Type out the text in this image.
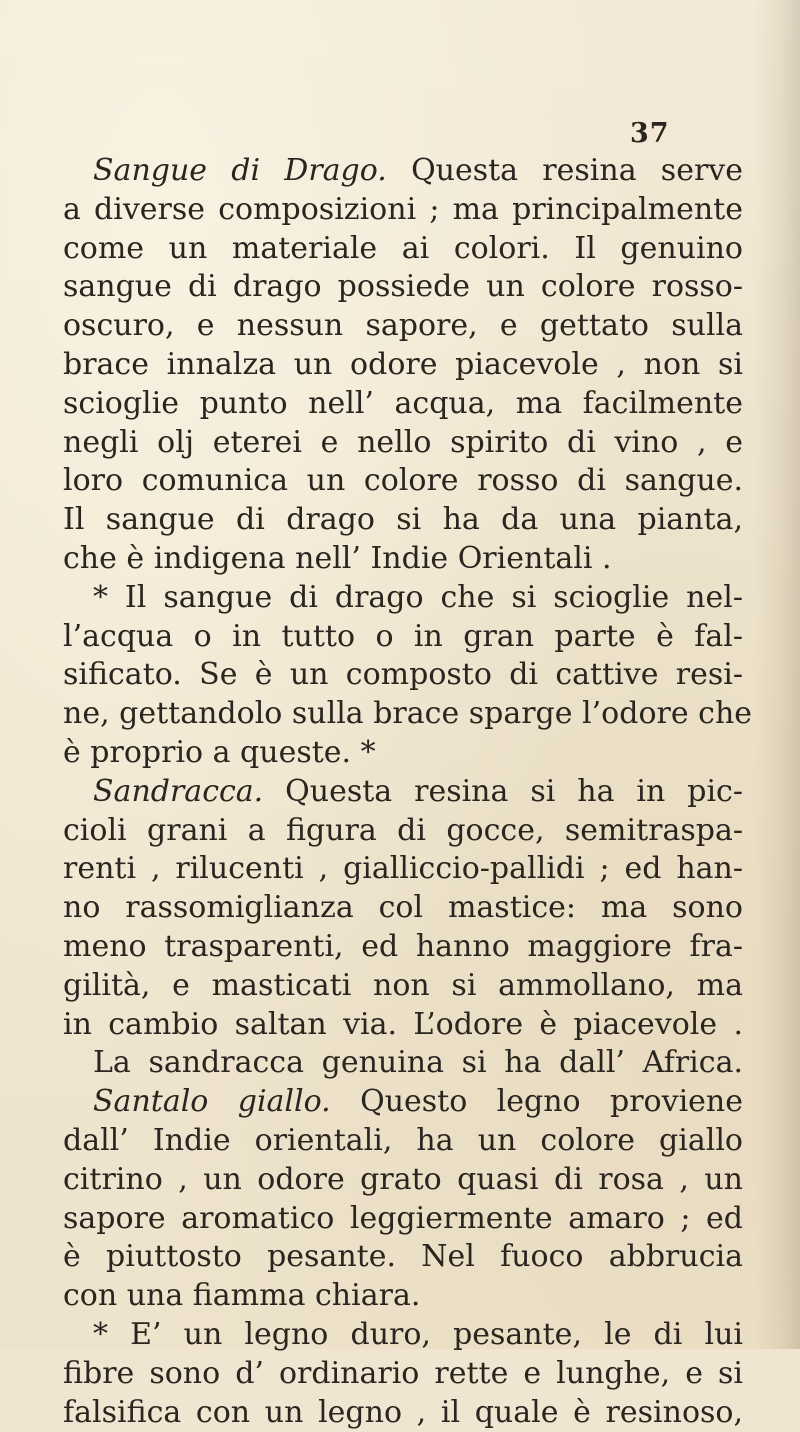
37
Sangue di Drago. Questa resina serve
a diverse composizioni ; ma principalmente
come un materiale ai colori. Il genuino
sangue di drago possiede un colore rosso-
oscuro, e nessun sapore, e gettato sulla
brace innalza un odore piacevole , non si
scioglie punto nell’ acqua, ma facilmente
negli olj eterei e nello spirito di vino , e
loro comunica un colore rosso di sangue.
Il sangue di drago si ha da una pianta,
che è indigena nell’ Indie Orientali .
* Il sangue di drago che si scioglie nel-
l’acqua o in tutto o in gran parte è fal-
sificato. Se è un composto di cattive resi-
ne, gettandolo sulla brace sparge l’odore che
è proprio a queste. *
Sandracca. Questa resina si ha in pic-
cioli grani a figura di gocce, semitraspa-
renti , rilucenti , gialliccio-pallidi ; ed han-
no rassomiglianza col mastice: ma sono
meno trasparenti, ed hanno maggiore fra-
gilità, e masticati non si ammollano, ma
in cambio saltan via. L’odore è piacevole .
La sandracca genuina si ha dall’ Africa.
Santalo giallo. Questo legno proviene
dall’ Indie orientali, ha un colore giallo
citrino , un odore grato quasi di rosa , un
sapore aromatico leggiermente amaro ; ed
è piuttosto pesante. Nel fuoco abbrucia
con una fiamma chiara.
* E’ un legno duro, pesante, le di lui
fibre sono d’ ordinario rette e lunghe, e si
falsifica con un legno , il quale è resinoso,
